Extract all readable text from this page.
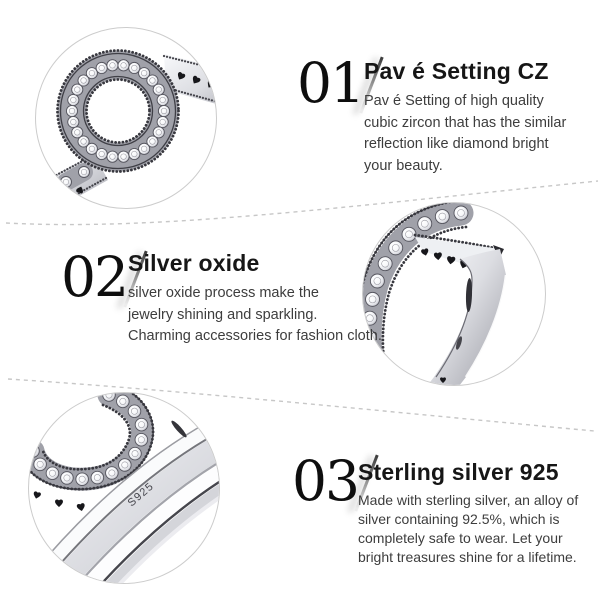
S925
01 Pav é Setting CZ
Pav é Setting of high quality
cubic zircon that has the similar
reflection like diamond bright
your beauty.
02 Silver oxide
silver oxide process make the
jewelry shining and sparkling.
Charming accessories for fashion cloth.
03 Sterling silver 925
Made with sterling silver, an alloy of
silver containing 92.5%, which is
completely safe to wear. Let your
bright treasures shine for a lifetime.
